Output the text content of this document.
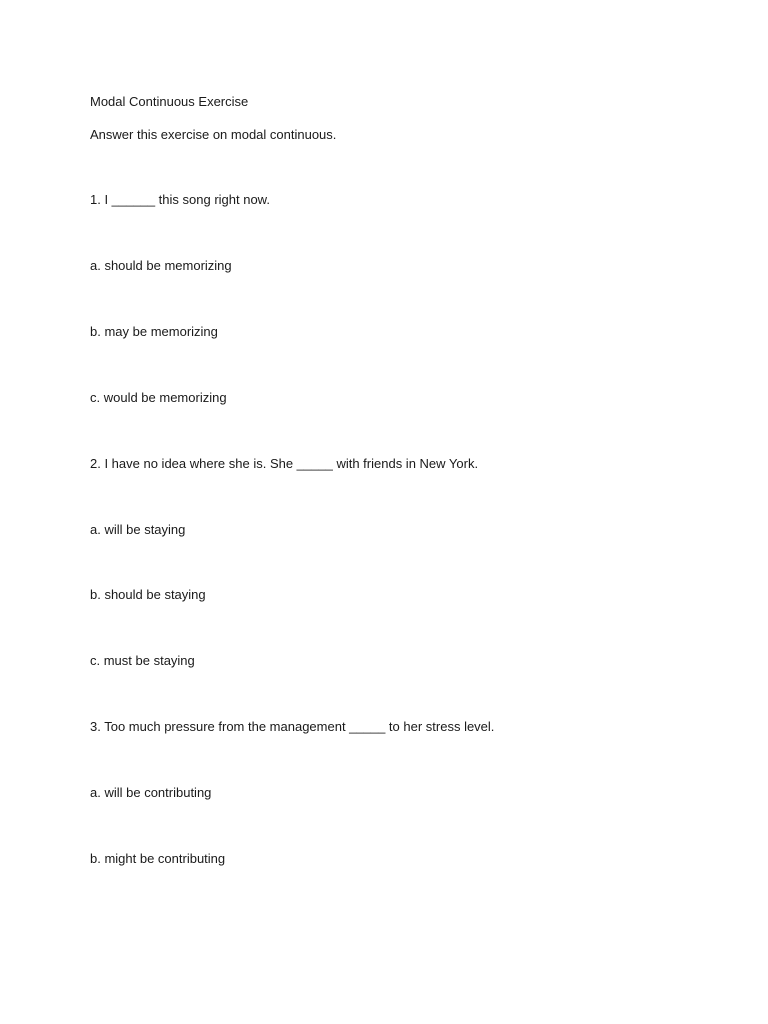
Modal Continuous Exercise
Answer this exercise on modal continuous.
1. I ______ this song right now.
a. should be memorizing
b. may be memorizing
c. would be memorizing
2. I have no idea where she is. She _____ with friends in New York.
a. will be staying
b. should be staying
c. must be staying
3. Too much pressure from the management _____ to her stress level.
a. will be contributing
b. might be contributing
